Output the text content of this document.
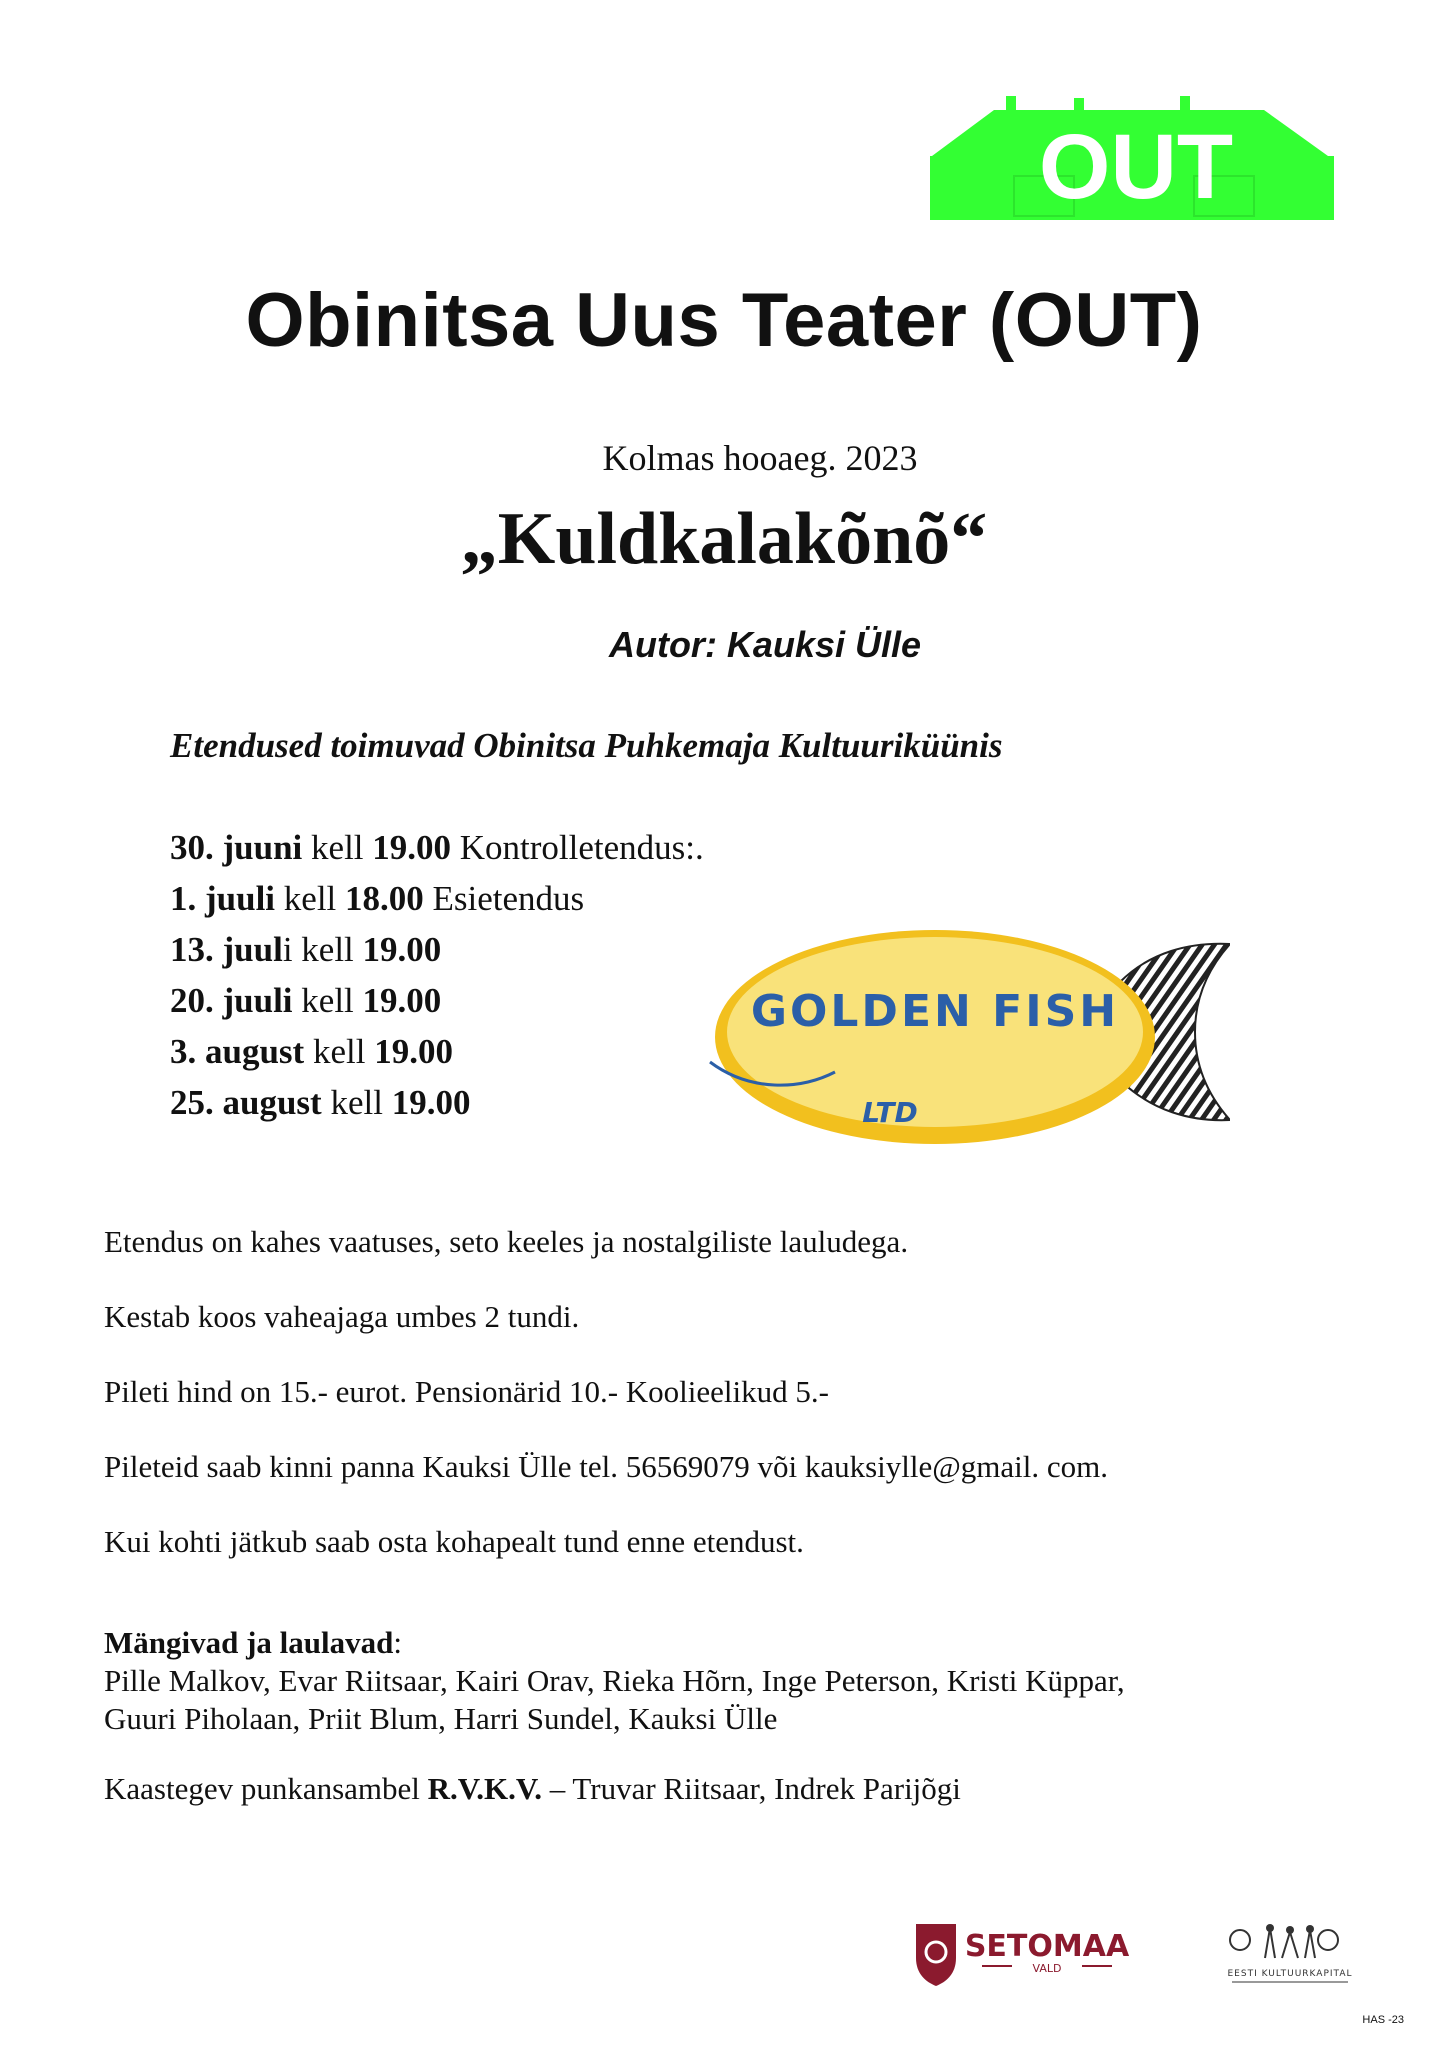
OUT
Obinitsa Uus Teater (OUT)
Kolmas hooaeg. 2023
„Kuldkalakõnõ“
Autor: Kauksi Ülle
Etendused toimuvad Obinitsa Puhkemaja Kultuuriküünis
30. juuni kell 19.00 Kontrolletendus:.
1. juuli kell 18.00 Esietendus
13. juuli kell 19.00
20. juuli kell 19.00
3. august kell 19.00
25. august kell 19.00
GOLDEN FISH
LTD

Etendus on kahes vaatuses, seto keeles ja nostalgiliste lauludega.

Kestab koos vaheajaga umbes 2 tundi.

Pileti hind on 15.- eurot. Pensionärid 10.- Koolieelikud 5.-

Pileteid saab kinni panna Kauksi Ülle tel. 56569079 või kauksiylle@gmail. com.

Kui kohti jätkub saab osta kohapealt tund enne etendust.

Mängivad ja laulavad:
Pille Malkov, Evar Riitsaar, Kairi Orav, Rieka Hõrn, Inge Peterson, Kristi Küppar,
Guuri Piholaan, Priit Blum, Harri Sundel, Kauksi Ülle
Kaastegev punkansambel R.V.K.V. – Truvar Riitsaar, Indrek Parijõgi
SETOMAA
VALD	EESTI KULTUURKAPITAL
HAS -23
